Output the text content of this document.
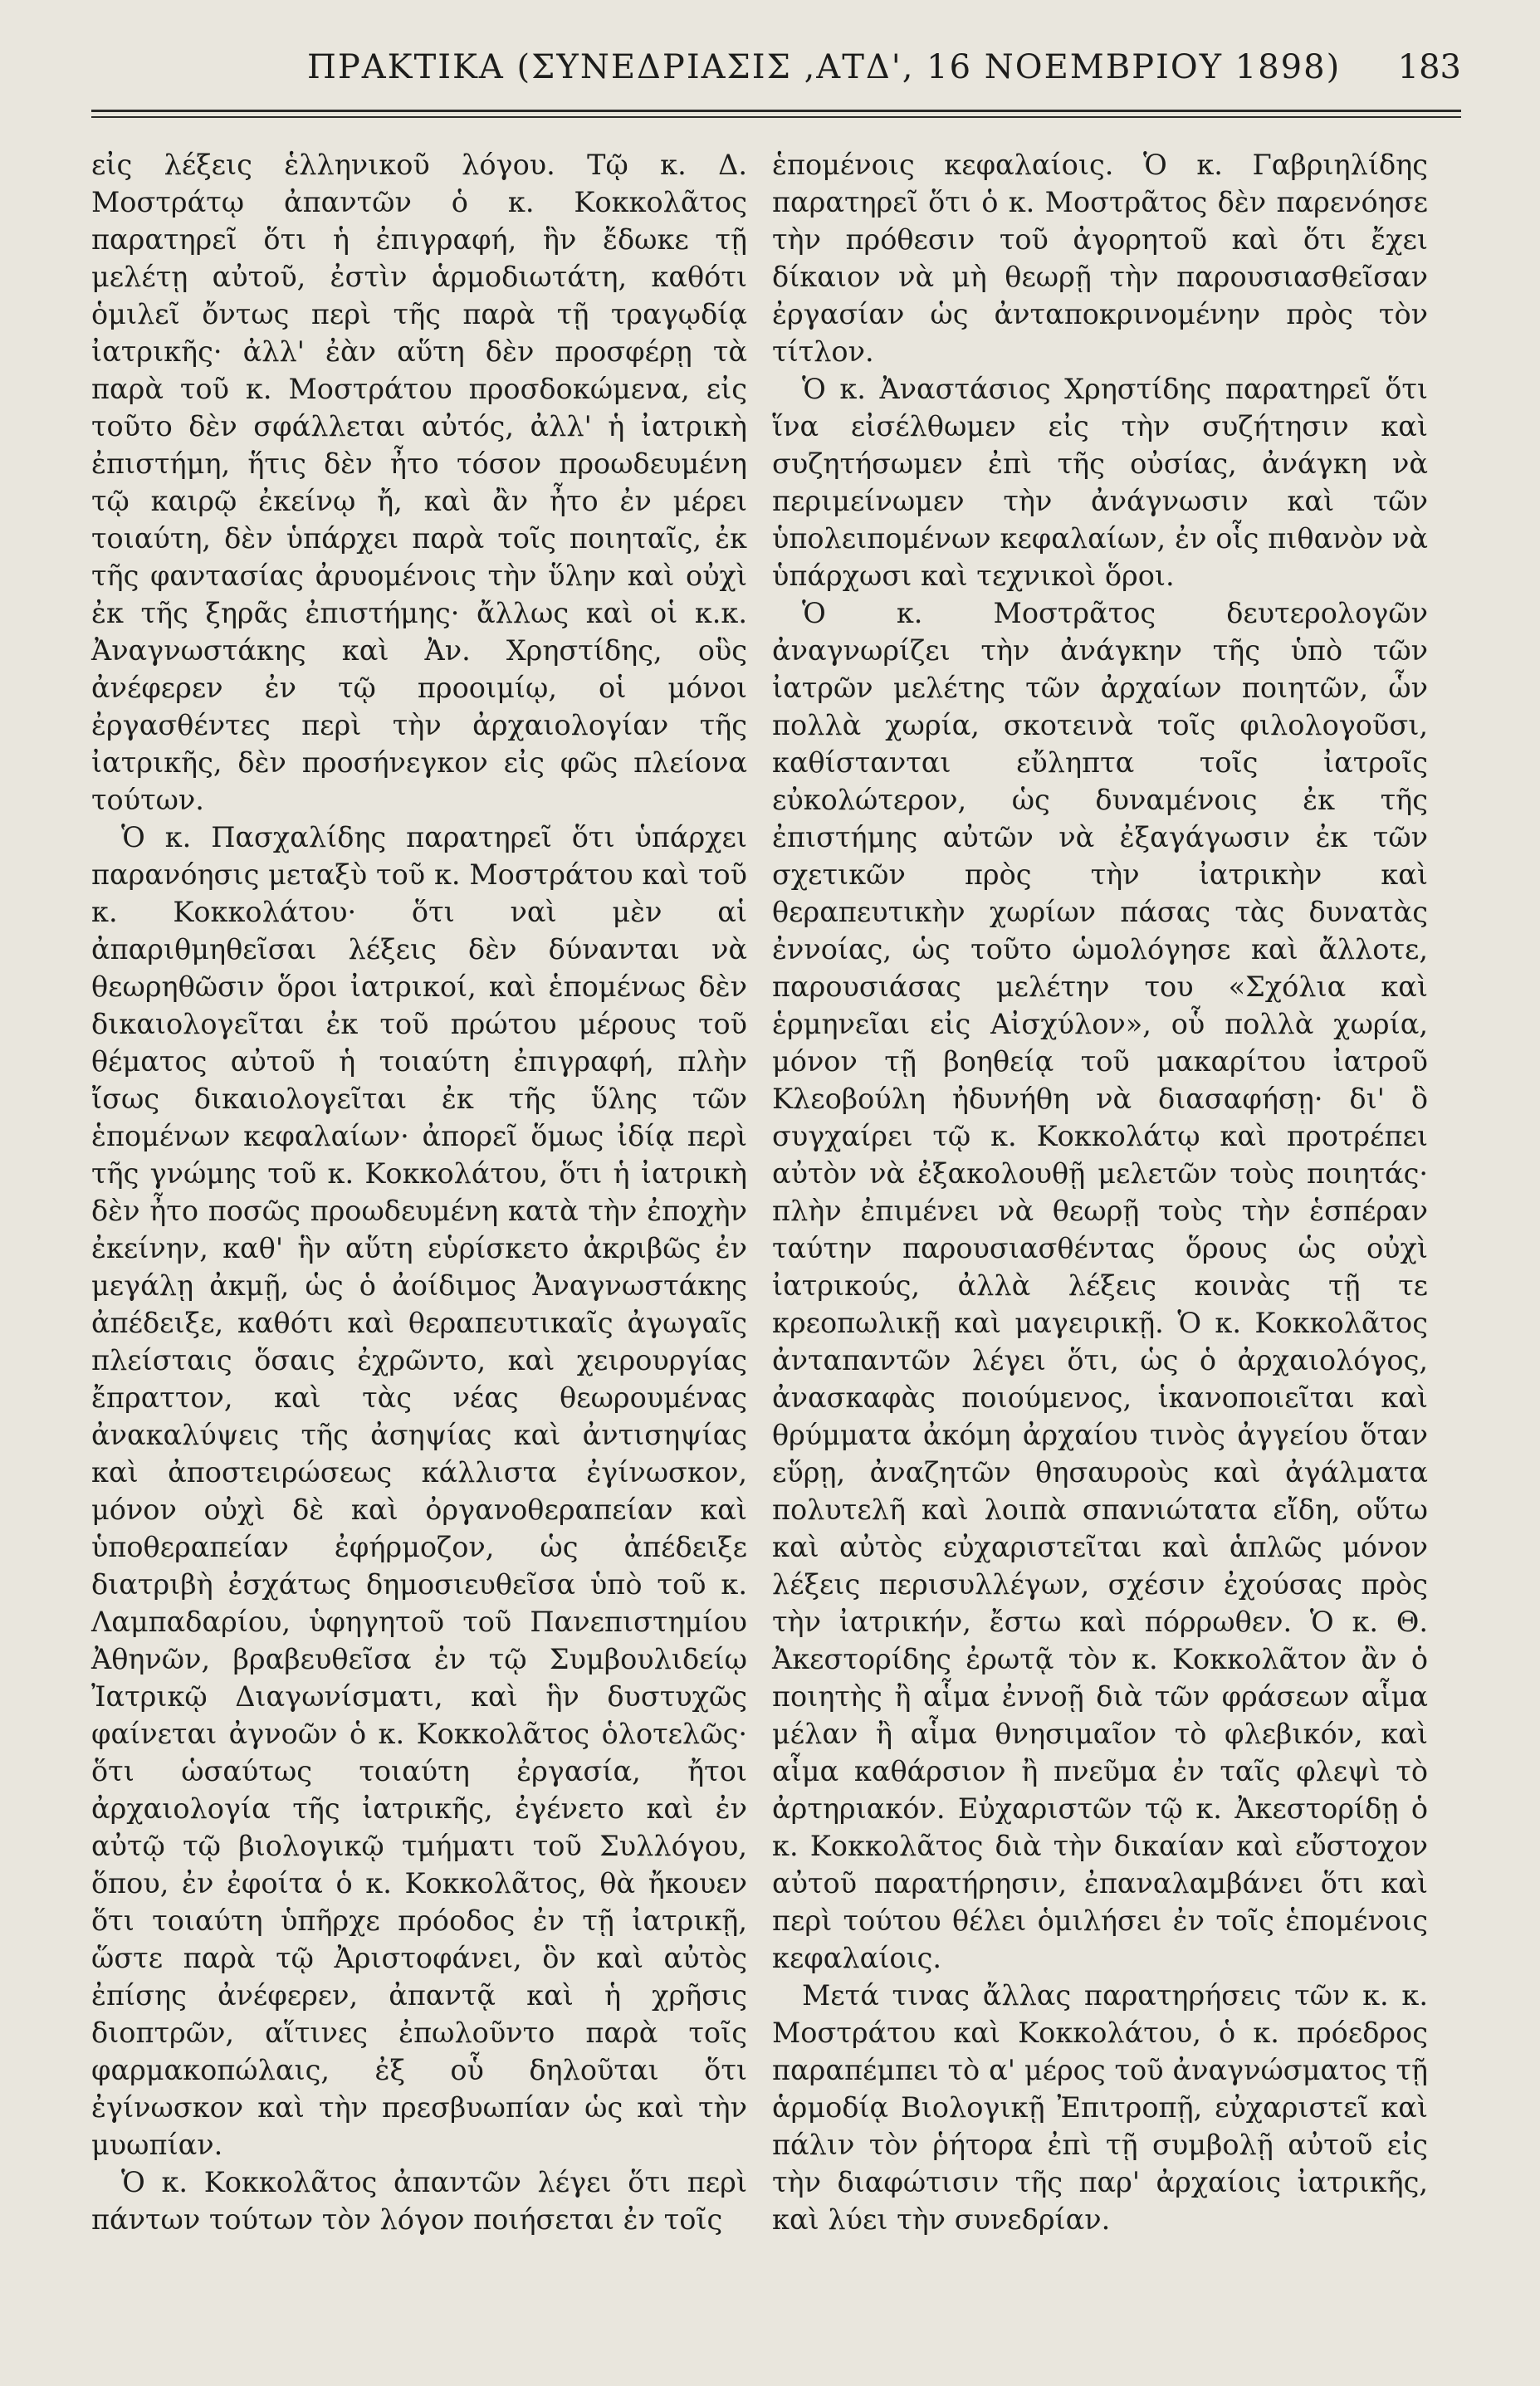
ΠΡΑΚΤΙΚΑ (ΣΥΝΕΔΡΙΑΣΙΣ ,ΑΤΔ', 16 ΝΟΕΜΒΡΙΟΥ 1898) 183

εἰς λέξεις ἑλληνικοῦ λόγου. Τῷ κ. Δ. Μοστράτῳ ἀπαντῶν ὁ κ. Κοκκολᾶτος παρατηρεῖ ὅτι ἡ ἐπιγραφή, ἣν ἔδωκε τῇ μελέτῃ αὐτοῦ, ἐστὶν ἁρμοδιωτάτη, καθότι ὁμιλεῖ ὄντως περὶ τῆς παρὰ τῇ τραγῳδίᾳ ἰατρικῆς· ἀλλ' ἐὰν αὕτη δὲν προσφέρῃ τὰ παρὰ τοῦ κ. Μοστράτου προσδοκώμενα, εἰς τοῦτο δὲν σφάλλεται αὐτός, ἀλλ' ἡ ἰατρικὴ ἐπιστήμη, ἥτις δὲν ἦτο τόσον προωδευμένη τῷ καιρῷ ἐκείνῳ ἤ, καὶ ἂν ἦτο ἐν μέρει τοιαύτη, δὲν ὑπάρχει παρὰ τοῖς ποιηταῖς, ἐκ τῆς φαντασίας ἀρυομένοις τὴν ὕλην καὶ οὐχὶ ἐκ τῆς ξηρᾶς ἐπιστήμης· ἄλλως καὶ οἱ κ.κ. Ἀναγνωστάκης καὶ Ἀν. Χρηστίδης, οὓς ἀνέφερεν ἐν τῷ προοιμίῳ, οἱ μόνοι ἐργασθέντες περὶ τὴν ἀρχαιολογίαν τῆς ἰατρικῆς, δὲν προσήνεγκον εἰς φῶς πλείονα τούτων.

Ὁ κ. Πασχαλίδης παρατηρεῖ ὅτι ὑπάρχει παρανόησις μεταξὺ τοῦ κ. Μοστράτου καὶ τοῦ κ. Κοκκολάτου· ὅτι ναὶ μὲν αἱ ἀπαριθμηθεῖσαι λέξεις δὲν δύνανται νὰ θεωρηθῶσιν ὅροι ἰατρικοί, καὶ ἑπομένως δὲν δικαιολογεῖται ἐκ τοῦ πρώτου μέρους τοῦ θέματος αὐτοῦ ἡ τοιαύτη ἐπιγραφή, πλὴν ἴσως δικαιολογεῖται ἐκ τῆς ὕλης τῶν ἑπομένων κεφαλαίων· ἀπορεῖ ὅμως ἰδίᾳ περὶ τῆς γνώμης τοῦ κ. Κοκκολάτου, ὅτι ἡ ἰατρικὴ δὲν ἦτο ποσῶς προωδευμένη κατὰ τὴν ἐποχὴν ἐκείνην, καθ' ἣν αὕτη εὑρίσκετο ἀκριβῶς ἐν μεγάλῃ ἀκμῇ, ὡς ὁ ἀοίδιμος Ἀναγνωστάκης ἀπέδειξε, καθότι καὶ θεραπευτικαῖς ἀγωγαῖς πλείσταις ὅσαις ἐχρῶντο, καὶ χειρουργίας ἔπραττον, καὶ τὰς νέας θεωρουμένας ἀνακαλύψεις τῆς ἀσηψίας καὶ ἀντισηψίας καὶ ἀποστειρώσεως κάλλιστα ἐγίνωσκον, μόνον οὐχὶ δὲ καὶ ὀργανοθεραπείαν καὶ ὑποθεραπείαν ἐφήρμοζον, ὡς ἀπέδειξε διατριβὴ ἐσχάτως δημοσιευθεῖσα ὑπὸ τοῦ κ. Λαμπαδαρίου, ὑφηγητοῦ τοῦ Πανεπιστημίου Ἀθηνῶν, βραβευθεῖσα ἐν τῷ Συμβουλιδείῳ Ἰατρικῷ Διαγωνίσματι, καὶ ἣν δυστυχῶς φαίνεται ἀγνοῶν ὁ κ. Κοκκολᾶτος ὁλοτελῶς· ὅτι ὡσαύτως τοιαύτη ἐργασία, ἤτοι ἀρχαιολογία τῆς ἰατρικῆς, ἐγένετο καὶ ἐν αὐτῷ τῷ βιολογικῷ τμήματι τοῦ Συλλόγου, ὅπου, ἐν ἐφοίτα ὁ κ. Κοκκολᾶτος, θὰ ἤκουεν ὅτι τοιαύτη ὑπῆρχε πρόοδος ἐν τῇ ἰατρικῇ, ὥστε παρὰ τῷ Ἀριστοφάνει, ὃν καὶ αὐτὸς ἐπίσης ἀνέφερεν, ἀπαντᾷ καὶ ἡ χρῆσις διοπτρῶν, αἵτινες ἐπωλοῦντο παρὰ τοῖς φαρμακοπώλαις, ἐξ οὗ δηλοῦται ὅτι ἐγίνωσκον καὶ τὴν πρεσβυωπίαν ὡς καὶ τὴν μυωπίαν.

Ὁ κ. Κοκκολᾶτος ἀπαντῶν λέγει ὅτι περὶ πάντων τούτων τὸν λόγον ποιήσεται ἐν τοῖς

ἑπομένοις κεφαλαίοις. Ὁ κ. Γαβριηλίδης παρατηρεῖ ὅτι ὁ κ. Μοστρᾶτος δὲν παρενόησε τὴν πρόθεσιν τοῦ ἀγορητοῦ καὶ ὅτι ἔχει δίκαιον νὰ μὴ θεωρῇ τὴν παρουσιασθεῖσαν ἐργασίαν ὡς ἀνταποκρινομένην πρὸς τὸν τίτλον.

Ὁ κ. Ἀναστάσιος Χρηστίδης παρατηρεῖ ὅτι ἵνα εἰσέλθωμεν εἰς τὴν συζήτησιν καὶ συζητήσωμεν ἐπὶ τῆς οὐσίας, ἀνάγκη νὰ περιμείνωμεν τὴν ἀνάγνωσιν καὶ τῶν ὑπολειπομένων κεφαλαίων, ἐν οἷς πιθανὸν νὰ ὑπάρχωσι καὶ τεχνικοὶ ὅροι.

Ὁ κ. Μοστρᾶτος δευτερολογῶν ἀναγνωρίζει τὴν ἀνάγκην τῆς ὑπὸ τῶν ἰατρῶν μελέτης τῶν ἀρχαίων ποιητῶν, ὧν πολλὰ χωρία, σκοτεινὰ τοῖς φιλολογοῦσι, καθίστανται εὔληπτα τοῖς ἰατροῖς εὐκολώτερον, ὡς δυναμένοις ἐκ τῆς ἐπιστήμης αὐτῶν νὰ ἐξαγάγωσιν ἐκ τῶν σχετικῶν πρὸς τὴν ἰατρικὴν καὶ θεραπευτικὴν χωρίων πάσας τὰς δυνατὰς ἐννοίας, ὡς τοῦτο ὡμολόγησε καὶ ἄλλοτε, παρουσιάσας μελέτην του «Σχόλια καὶ ἑρμηνεῖαι εἰς Αἰσχύλον», οὗ πολλὰ χωρία, μόνον τῇ βοηθείᾳ τοῦ μακαρίτου ἰατροῦ Κλεοβούλη ἠδυνήθη νὰ διασαφήσῃ· δι' ὃ συγχαίρει τῷ κ. Κοκκολάτῳ καὶ προτρέπει αὐτὸν νὰ ἐξακολουθῇ μελετῶν τοὺς ποιητάς· πλὴν ἐπιμένει νὰ θεωρῇ τοὺς τὴν ἑσπέραν ταύτην παρουσιασθέντας ὅρους ὡς οὐχὶ ἰατρικούς, ἀλλὰ λέξεις κοινὰς τῇ τε κρεοπωλικῇ καὶ μαγειρικῇ. Ὁ κ. Κοκκολᾶτος ἀνταπαντῶν λέγει ὅτι, ὡς ὁ ἀρχαιολόγος, ἀνασκαφὰς ποιούμενος, ἱκανοποιεῖται καὶ θρύμματα ἀκόμη ἀρχαίου τινὸς ἀγγείου ὅταν εὕρῃ, ἀναζητῶν θησαυροὺς καὶ ἀγάλματα πολυτελῆ καὶ λοιπὰ σπανιώτατα εἴδη, οὕτω καὶ αὐτὸς εὐχαριστεῖται καὶ ἁπλῶς μόνον λέξεις περισυλλέγων, σχέσιν ἐχούσας πρὸς τὴν ἰατρικήν, ἔστω καὶ πόρρωθεν. Ὁ κ. Θ. Ἀκεστορίδης ἐρωτᾷ τὸν κ. Κοκκολᾶτον ἂν ὁ ποιητὴς ἢ αἷμα ἐννοῇ διὰ τῶν φράσεων αἷμα μέλαν ἢ αἷμα θνησιμαῖον τὸ φλεβικόν, καὶ αἷμα καθάρσιον ἢ πνεῦμα ἐν ταῖς φλεψὶ τὸ ἀρτηριακόν. Εὐχαριστῶν τῷ κ. Ἀκεστορίδῃ ὁ κ. Κοκκολᾶτος διὰ τὴν δικαίαν καὶ εὔστοχον αὐτοῦ παρατήρησιν, ἐπαναλαμβάνει ὅτι καὶ περὶ τούτου θέλει ὁμιλήσει ἐν τοῖς ἑπομένοις κεφαλαίοις.

Μετά τινας ἄλλας παρατηρήσεις τῶν κ. κ. Μοστράτου καὶ Κοκκολάτου, ὁ κ. πρόεδρος παραπέμπει τὸ α' μέρος τοῦ ἀναγνώσματος τῇ ἁρμοδίᾳ Βιολογικῇ Ἐπιτροπῇ, εὐχαριστεῖ καὶ πάλιν τὸν ῥήτορα ἐπὶ τῇ συμβολῇ αὐτοῦ εἰς τὴν διαφώτισιν τῆς παρ' ἀρχαίοις ἰατρικῆς, καὶ λύει τὴν συνεδρίαν.
